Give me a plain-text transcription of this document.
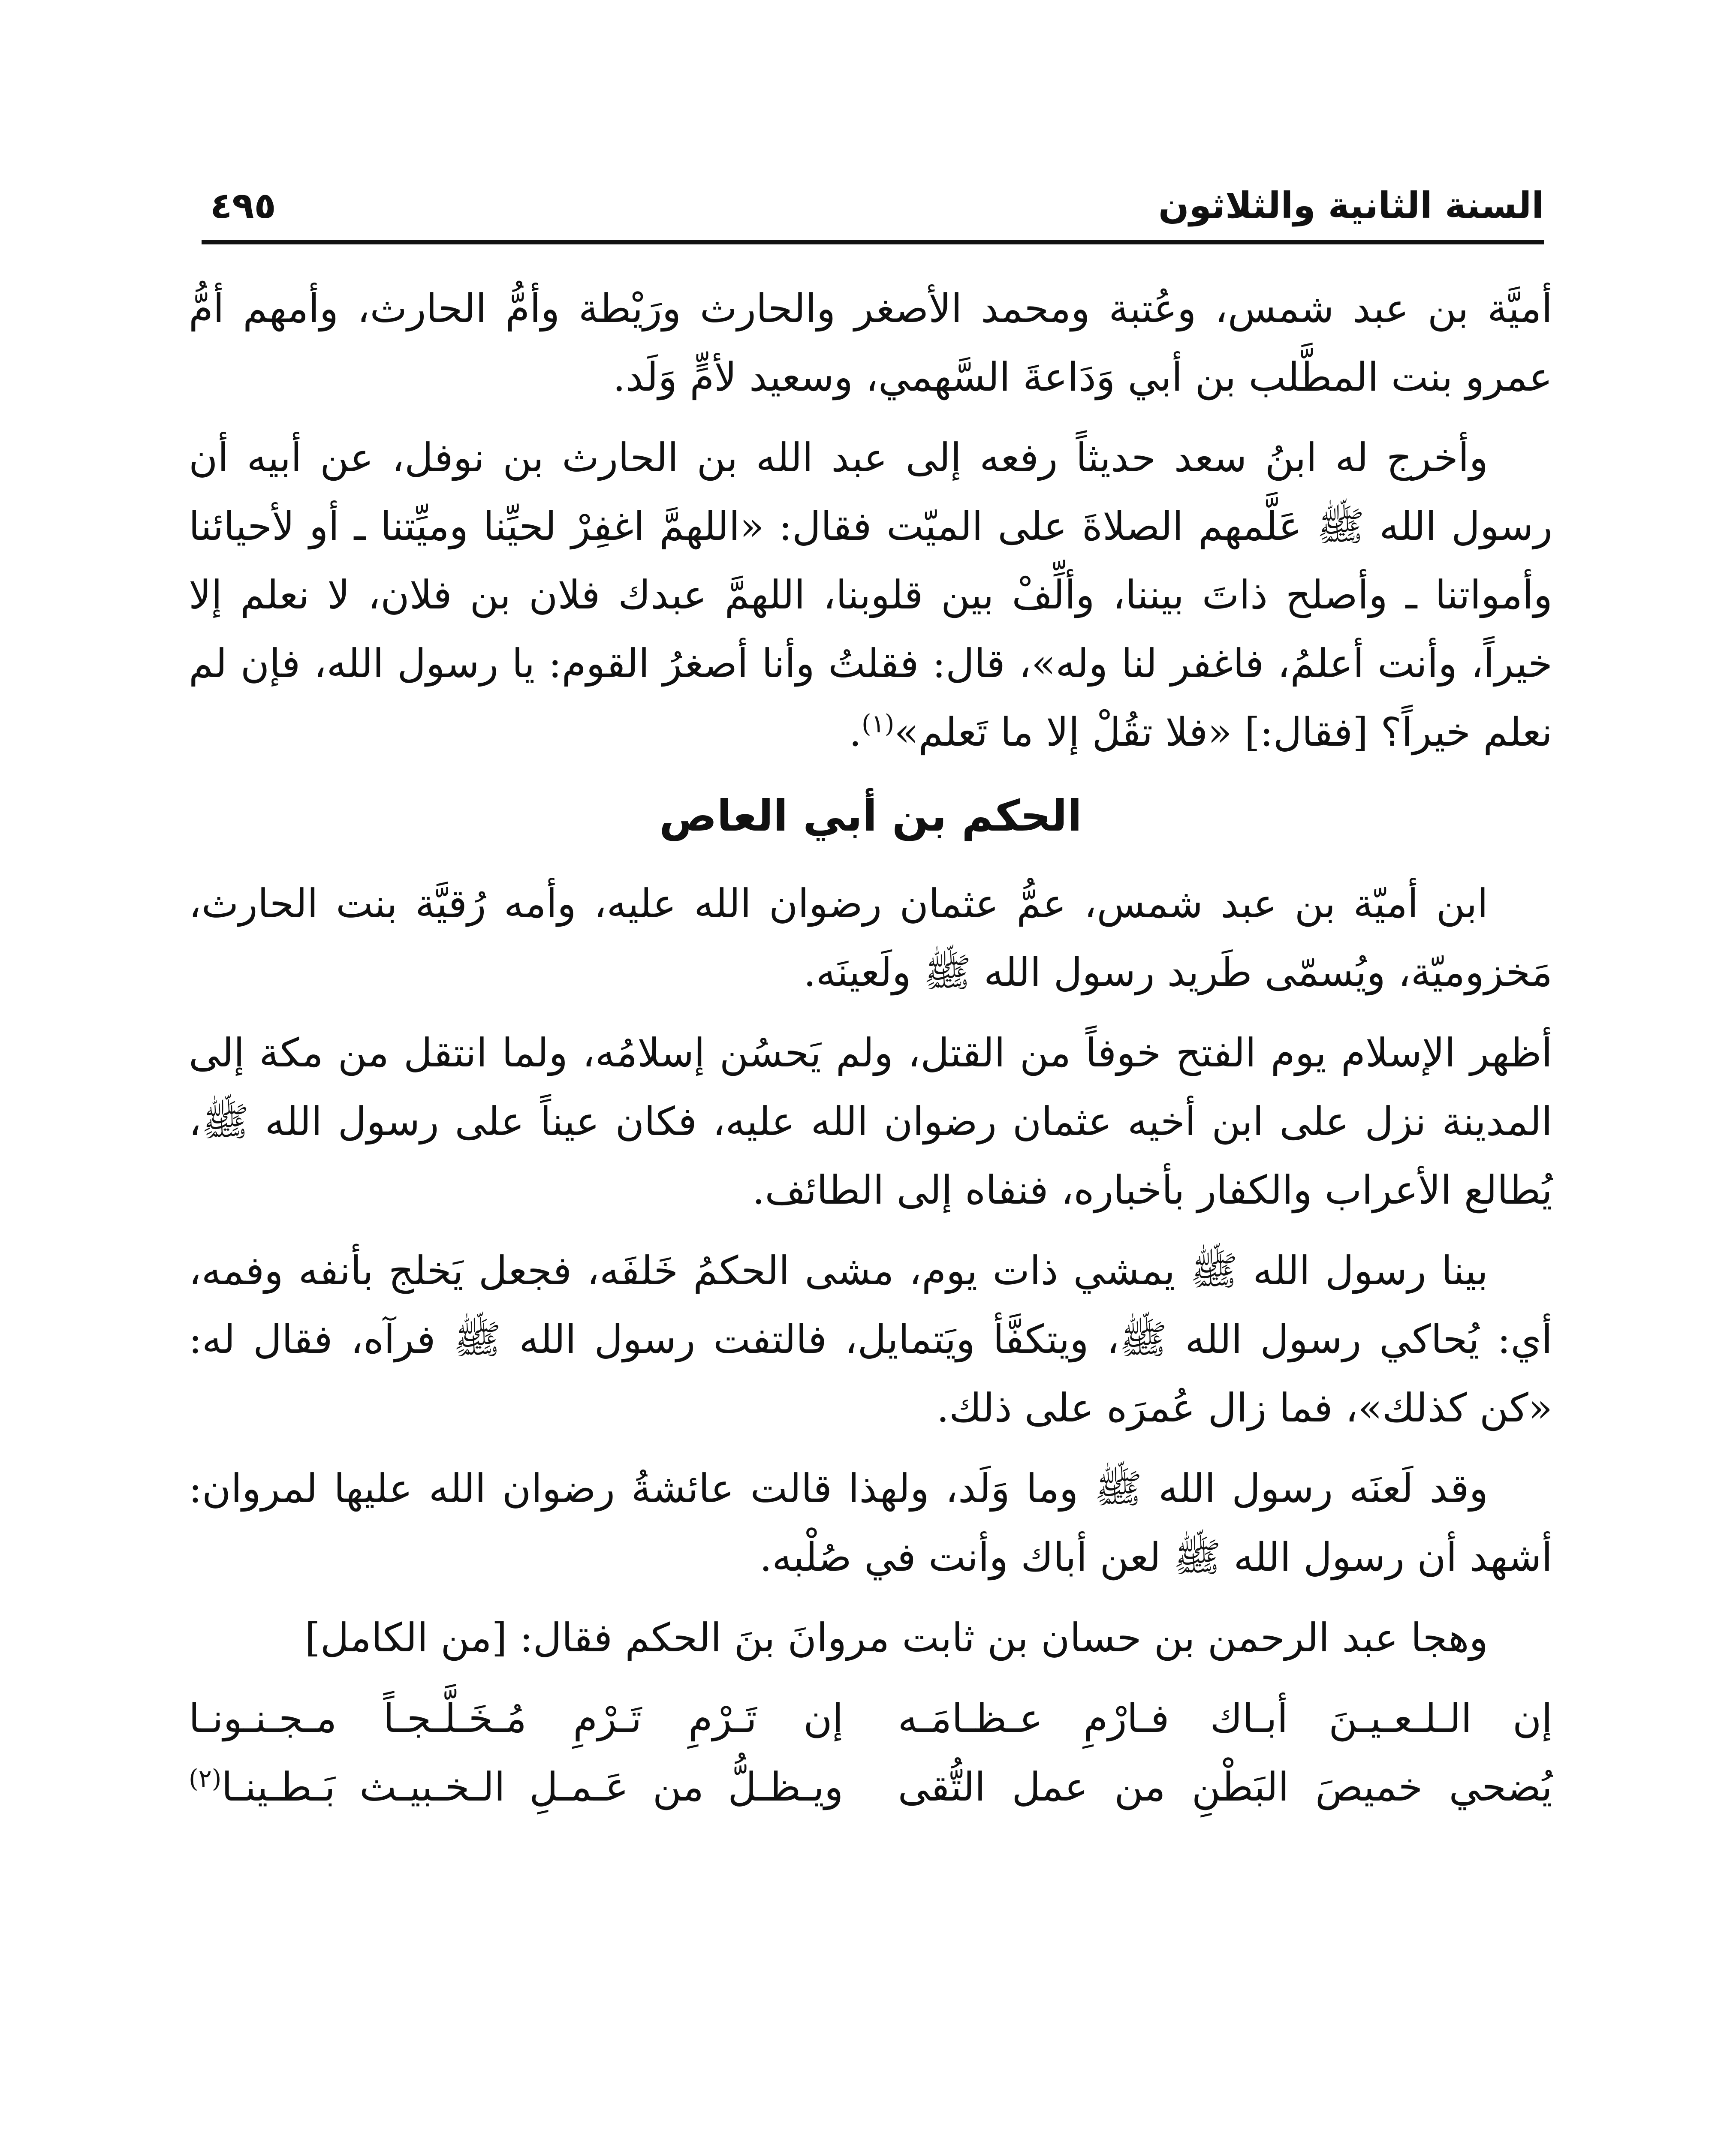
السنة الثانية والثلاثون
٤٩٥

أميَّة بن عبد شمس، وعُتبة ومحمد الأصغر والحارث ورَيْطة وأمُّ الحارث، وأمهم أمُّ عمرو بنت المطَّلب بن أبي وَدَاعةَ السَّهمي، وسعيد لأمٍّ وَلَد.

وأخرج له ابنُ سعد حديثاً رفعه إلى عبد الله بن الحارث بن نوفل، عن أبيه أن رسول الله ﷺ عَلَّمهم الصلاةَ على الميّت فقال: «اللهمَّ اغفِرْ لحيِّنا وميِّتنا ـ أو لأحيائنا وأمواتنا ـ وأصلح ذاتَ بيننا، وألِّفْ بين قلوبنا، اللهمَّ عبدك فلان بن فلان، لا نعلم إلا خيراً، وأنت أعلمُ، فاغفر لنا وله»، قال: فقلتُ وأنا أصغرُ القوم: يا رسول الله، فإن لم نعلم خيراً؟ [فقال:] «فلا تقُلْ إلا ما تَعلم»$^{(١)}$.

الحكم بن أبي العاص

ابن أميّة بن عبد شمس، عمُّ عثمان رضوان الله عليه، وأمه رُقيَّة بنت الحارث، مَخزوميّة، ويُسمّى طَريد رسول الله ﷺ ولَعينَه.

أظهر الإسلام يوم الفتح خوفاً من القتل، ولم يَحسُن إسلامُه، ولما انتقل من مكة إلى المدينة نزل على ابن أخيه عثمان رضوان الله عليه، فكان عيناً على رسول الله ﷺ، يُطالع الأعراب والكفار بأخباره، فنفاه إلى الطائف.

بينا رسول الله ﷺ يمشي ذات يوم، مشى الحكمُ خَلفَه، فجعل يَخلج بأنفه وفمه، أي: يُحاكي رسول الله ﷺ، ويتكفَّأ ويَتمايل، فالتفت رسول الله ﷺ فرآه، فقال له: «كن كذلك»، فما زال عُمرَه على ذلك.

وقد لَعنَه رسول الله ﷺ وما وَلَد، ولهذا قالت عائشةُ رضوان الله عليها لمروان: أشهد أن رسول الله ﷺ لعن أباك وأنت في صُلْبه.

وهجا عبد الرحمن بن حسان بن ثابت مروانَ بنَ الحكم فقال: [من الكامل]

إن الـلـعـيـنَ أبـاك فـارْمِ عـظـامَـه
إن تَـرْمِ تَـرْمِ مُـخَـلَّـجـاً مـجـنـونـا
يُضحي خميصَ البَطْنِ من عمل التُّقى
ويـظـلُّ من عَـمـلِ الـخـبيـث بَـطـينـا$^{(٢)}$
